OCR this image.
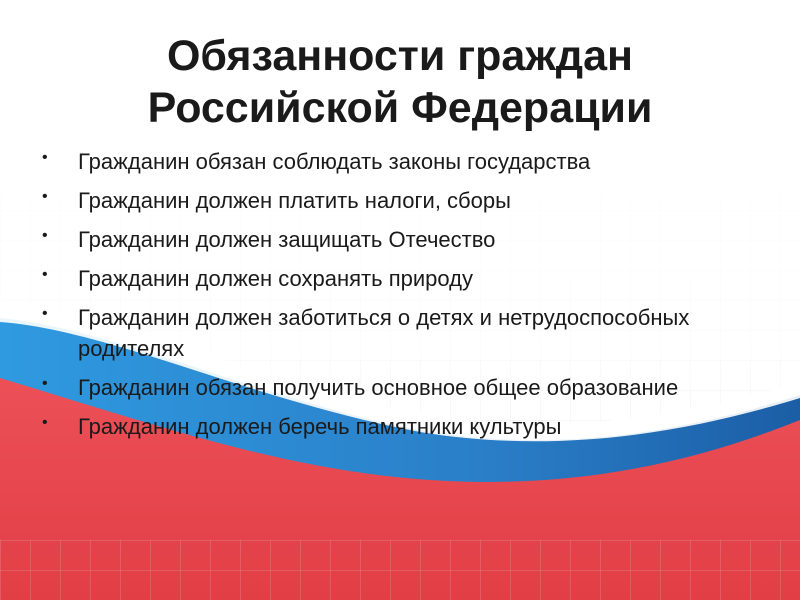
Обязанности граждан
Российской Федерации
• Гражданин обязан соблюдать законы государства
• Гражданин должен платить налоги, сборы
• Гражданин должен защищать Отечество
• Гражданин должен сохранять природу
• Гражданин должен заботиться о детях и нетрудоспособных родителях
• Гражданин обязан получить основное общее образование
• Гражданин должен беречь памятники культуры
